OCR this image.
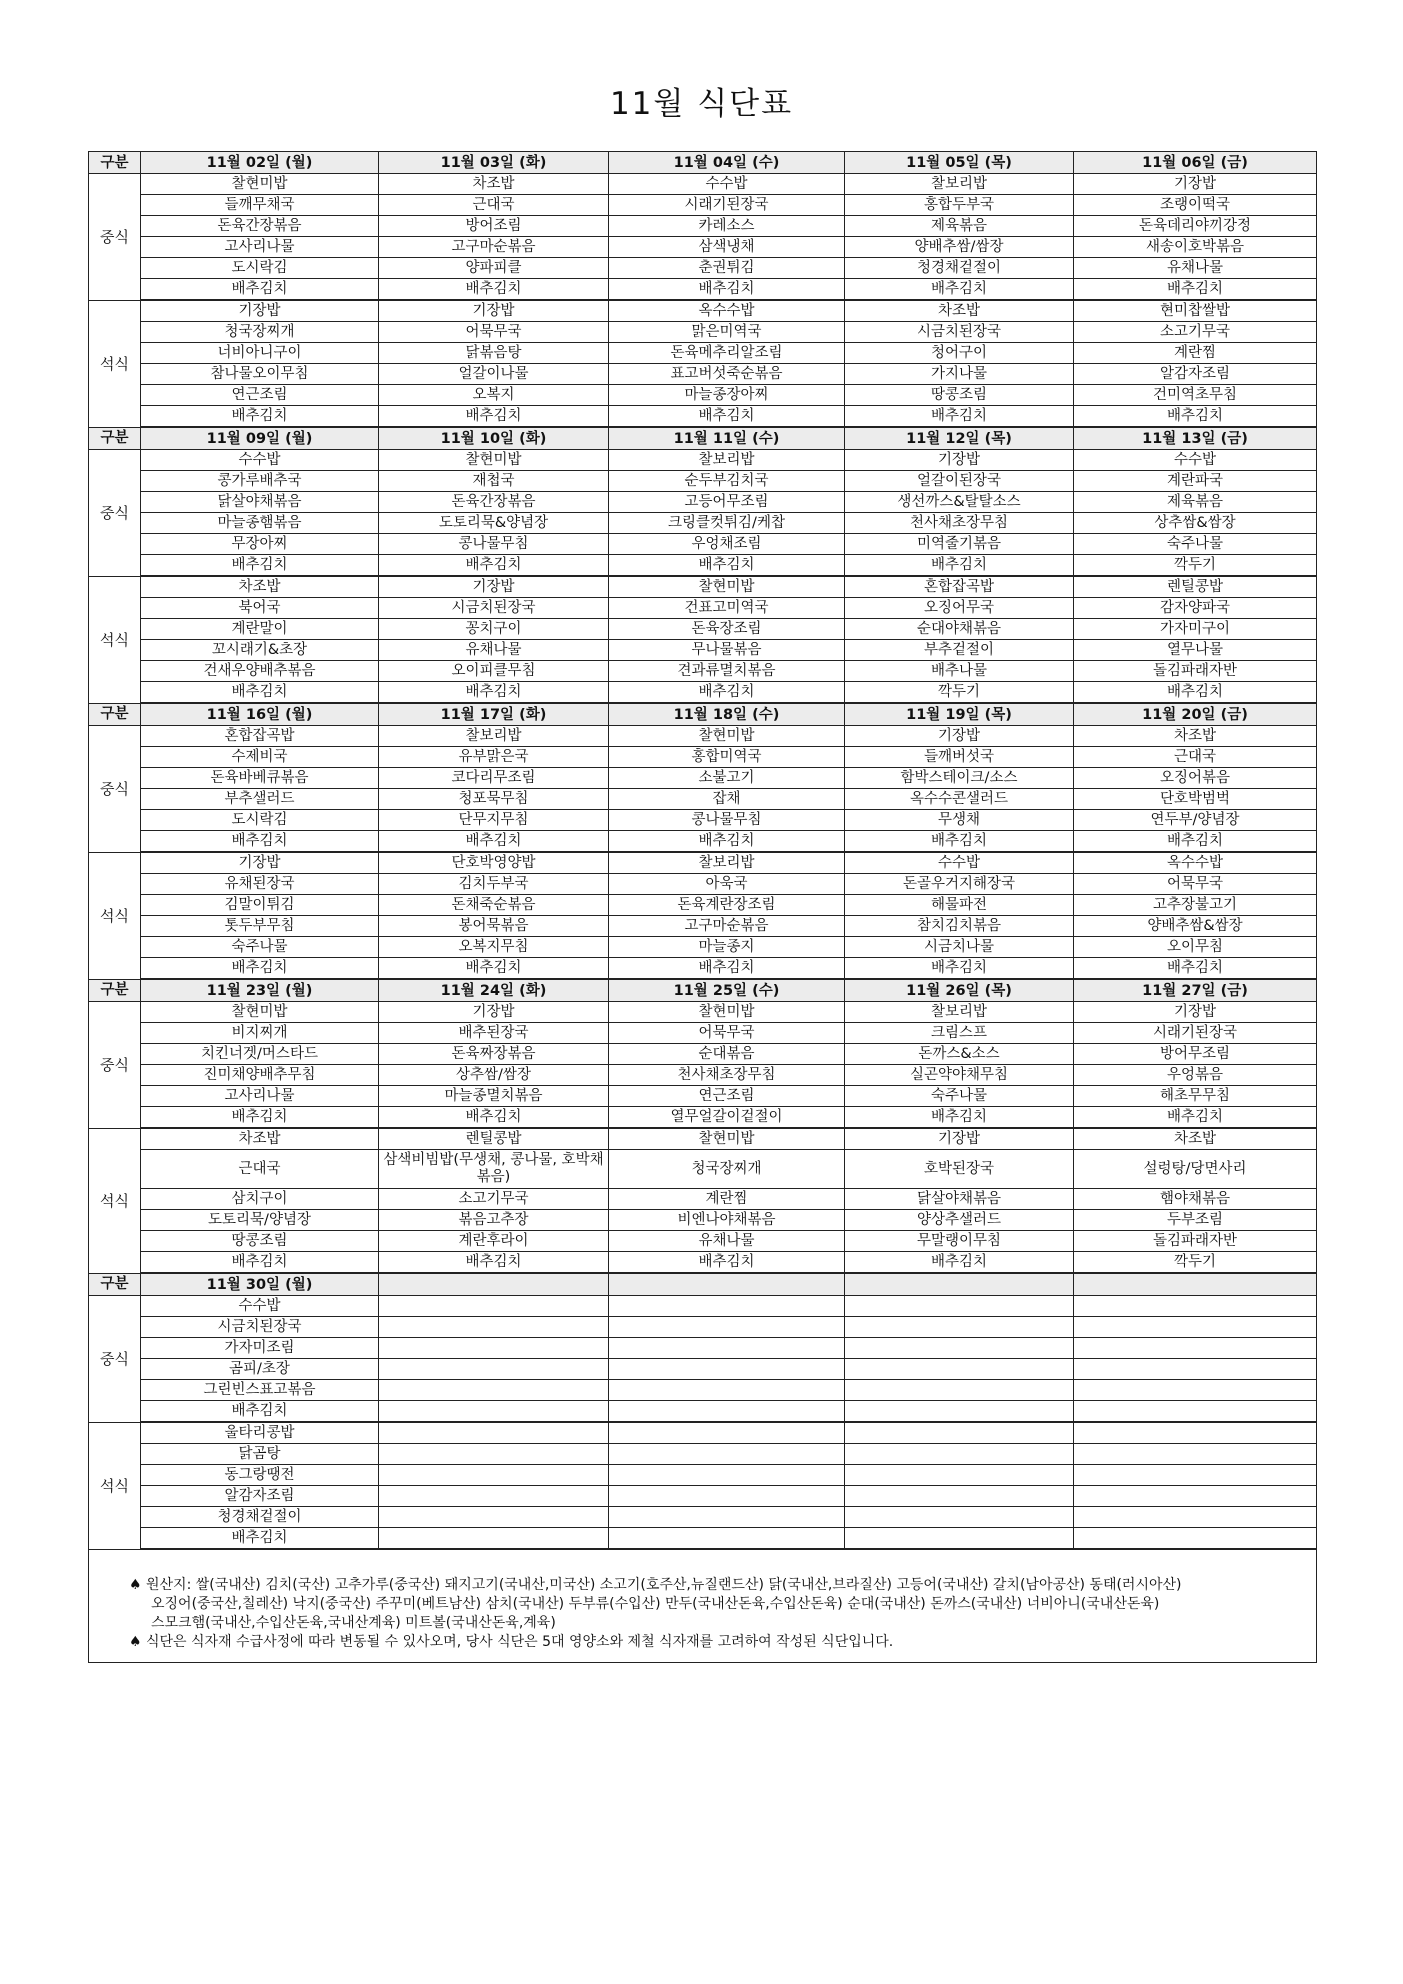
11월 식단표
구분	11월 02일 (월)	11월 03일 (화)	11월 04일 (수)	11월 05일 (목)	11월 06일 (금)
중식	찰현미밥	차조밥	수수밥	찰보리밥	기장밥
	들깨무채국	근대국	시래기된장국	홍합두부국	조랭이떡국
	돈육간장볶음	방어조림	카레소스	제육볶음	돈육데리야끼강정
	고사리나물	고구마순볶음	삼색냉채	양배추쌈/쌈장	새송이호박볶음
	도시락김	양파피클	춘권튀김	청경채겉절이	유채나물
	배추김치	배추김치	배추김치	배추김치	배추김치
석식	기장밥	기장밥	옥수수밥	차조밥	현미찹쌀밥
	청국장찌개	어묵무국	맑은미역국	시금치된장국	소고기무국
	너비아니구이	닭볶음탕	돈육메추리알조림	청어구이	계란찜
	참나물오이무침	얼갈이나물	표고버섯죽순볶음	가지나물	알감자조림
	연근조림	오복지	마늘종장아찌	땅콩조림	건미역초무침
	배추김치	배추김치	배추김치	배추김치	배추김치
구분	11월 09일 (월)	11월 10일 (화)	11월 11일 (수)	11월 12일 (목)	11월 13일 (금)
중식	수수밥	찰현미밥	찰보리밥	기장밥	수수밥
	콩가루배추국	재첩국	순두부김치국	얼갈이된장국	계란파국
	닭살야채볶음	돈육간장볶음	고등어무조림	생선까스&탈탈소스	제육볶음
	마늘종햄볶음	도토리묵&양념장	크링클컷튀김/케찹	천사채초장무침	상추쌈&쌈장
	무장아찌	콩나물무침	우엉채조림	미역줄기볶음	숙주나물
	배추김치	배추김치	배추김치	배추김치	깍두기
석식	차조밥	기장밥	찰현미밥	혼합잡곡밥	렌틸콩밥
	북어국	시금치된장국	건표고미역국	오징어무국	감자양파국
	계란말이	꽁치구이	돈육장조림	순대야채볶음	가자미구이
	꼬시래기&초장	유채나물	무나물볶음	부추겉절이	열무나물
	건새우양배추볶음	오이피클무침	견과류멸치볶음	배추나물	돌김파래자반
	배추김치	배추김치	배추김치	깍두기	배추김치
구분	11월 16일 (월)	11월 17일 (화)	11월 18일 (수)	11월 19일 (목)	11월 20일 (금)
중식	혼합잡곡밥	찰보리밥	찰현미밥	기장밥	차조밥
	수제비국	유부맑은국	홍합미역국	들깨버섯국	근대국
	돈육바베큐볶음	코다리무조림	소불고기	함박스테이크/소스	오징어볶음
	부추샐러드	청포묵무침	잡채	옥수수콘샐러드	단호박범벅
	도시락김	단무지무침	콩나물무침	무생채	연두부/양념장
	배추김치	배추김치	배추김치	배추김치	배추김치
석식	기장밥	단호박영양밥	찰보리밥	수수밥	옥수수밥
	유채된장국	김치두부국	아욱국	돈골우거지해장국	어묵무국
	김말이튀김	돈채죽순볶음	돈육계란장조림	해물파전	고추장불고기
	톳두부무침	봉어묵볶음	고구마순볶음	참치김치볶음	양배추쌈&쌈장
	숙주나물	오복지무침	마늘종지	시금치나물	오이무침
	배추김치	배추김치	배추김치	배추김치	배추김치
구분	11월 23일 (월)	11월 24일 (화)	11월 25일 (수)	11월 26일 (목)	11월 27일 (금)
중식	찰현미밥	기장밥	찰현미밥	찰보리밥	기장밥
	비지찌개	배추된장국	어묵무국	크림스프	시래기된장국
	치킨너겟/머스타드	돈육짜장볶음	순대볶음	돈까스&소스	방어무조림
	진미채양배추무침	상추쌈/쌈장	천사채초장무침	실곤약야채무침	우엉볶음
	고사리나물	마늘종멸치볶음	연근조림	숙주나물	해초무무침
	배추김치	배추김치	열무얼갈이겉절이	배추김치	배추김치
석식	차조밥	렌틸콩밥	찰현미밥	기장밥	차조밥
	근대국	삼색비빔밥(무생채, 콩나물, 호박채볶음)	청국장찌개	호박된장국	설렁탕/당면사리
	삼치구이	소고기무국	계란찜	닭살야채볶음	햄야채볶음
	도토리묵/양념장	볶음고추장	비엔나야채볶음	양상추샐러드	두부조림
	땅콩조림	계란후라이	유채나물	무말랭이무침	돌김파래자반
	배추김치	배추김치	배추김치	배추김치	깍두기
구분	11월 30일 (월)				
중식	수수밥				
	시금치된장국				
	가자미조림				
	곰피/초장				
	그린빈스표고볶음				
	배추김치				
석식	울타리콩밥				
	닭곰탕				
	동그랑땡전				
	알감자조림				
	청경채겉절이				
	배추김치				

♠ 원산지: 쌀(국내산) 김치(국산) 고추가루(중국산) 돼지고기(국내산,미국산) 소고기(호주산,뉴질랜드산) 닭(국내산,브라질산) 고등어(국내산) 갈치(남아공산) 동태(러시아산)
오징어(중국산,칠레산) 낙지(중국산) 주꾸미(베트남산) 삼치(국내산) 두부류(수입산) 만두(국내산돈육,수입산돈육) 순대(국내산) 돈까스(국내산) 너비아니(국내산돈육)
스모크햄(국내산,수입산돈육,국내산계육) 미트볼(국내산돈육,계육)
♠ 식단은 식자재 수급사정에 따라 변동될 수 있사오며, 당사 식단은 5대 영양소와 제철 식자재를 고려하여 작성된 식단입니다.					
